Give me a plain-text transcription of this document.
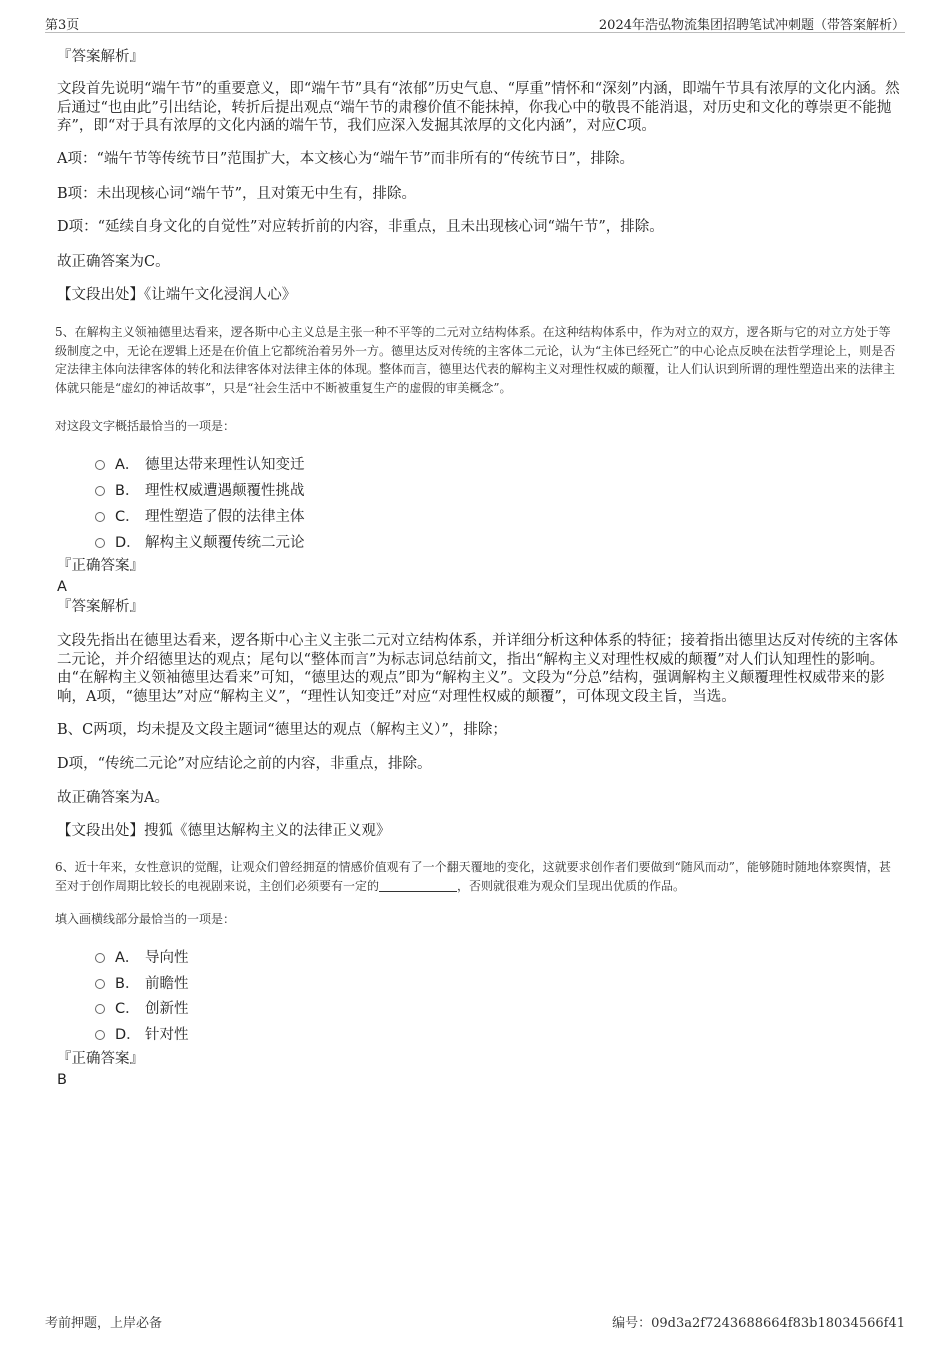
第3页	2024年浩弘物流集团招聘笔试冲刺题（带答案解析）
『答案解析』
文段首先说明“端午节”的重要意义，即“端午节”具有“浓郁”历史气息、“厚重”情怀和“深刻”内涵，即端午节具有浓厚的文化内涵。然后通过“也由此”引出结论，转折后提出观点“端午节的肃穆价值不能抹掉，你我心中的敬畏不能消退，对历史和文化的尊崇更不能抛弃”，即“对于具有浓厚的文化内涵的端午节，我们应深入发掘其浓厚的文化内涵”，对应C项。
A项：“端午节等传统节日”范围扩大，本文核心为“端午节”而非所有的“传统节日”，排除。
B项：未出现核心词“端午节”，且对策无中生有，排除。
D项：“延续自身文化的自觉性”对应转折前的内容，非重点，且未出现核心词“端午节”，排除。
故正确答案为C。
【文段出处】《让端午文化浸润人心》
5、在解构主义领袖德里达看来，逻各斯中心主义总是主张一种不平等的二元对立结构体系。在这种结构体系中，作为对立的双方，逻各斯与它的对立方处于等级制度之中，无论在逻辑上还是在价值上它都统治着另外一方。德里达反对传统的主客体二元论，认为“主体已经死亡”的中心论点反映在法哲学理论上，则是否定法律主体向法律客体的转化和法律客体对法律主体的体现。整体而言，德里达代表的解构主义对理性权威的颠覆，让人们认识到所谓的理性塑造出来的法律主体就只能是“虚幻的神话故事”，只是“社会生活中不断被重复生产的虚假的审美概念”。
对这段文字概括最恰当的一项是：
A． 德里达带来理性认知变迁
B． 理性权威遭遇颠覆性挑战
C． 理性塑造了假的法律主体
D． 解构主义颠覆传统二元论
『正确答案』
A
『答案解析』
文段先指出在德里达看来，逻各斯中心主义主张二元对立结构体系，并详细分析这种体系的特征；接着指出德里达反对传统的主客体二元论，并介绍德里达的观点；尾句以“整体而言”为标志词总结前文，指出“解构主义对理性权威的颠覆”对人们认知理性的影响。由“在解构主义领袖德里达看来”可知，“德里达的观点”即为“解构主义”。文段为“分总”结构，强调解构主义颠覆理性权威带来的影响，A项，“德里达”对应“解构主义”，“理性认知变迁”对应“对理性权威的颠覆”，可体现文段主旨，当选。
B、C两项，均未提及文段主题词“德里达的观点（解构主义）”，排除；
D项，“传统二元论”对应结论之前的内容，非重点，排除。
故正确答案为A。
【文段出处】搜狐《德里达解构主义的法律正义观》
6、近十年来，女性意识的觉醒，让观众们曾经拥趸的情感价值观有了一个翻天覆地的变化，这就要求创作者们要做到“随风而动”，能够随时随地体察舆情，甚至对于创作周期比较长的电视剧来说，主创们必须要有一定的	，否则就很难为观众们呈现出优质的作品。
填入画横线部分最恰当的一项是：
A． 导向性
B． 前瞻性
C． 创新性
D． 针对性
『正确答案』
B
考前押题，上岸必备	编号：09d3a2f7243688664f83b18034566f41
